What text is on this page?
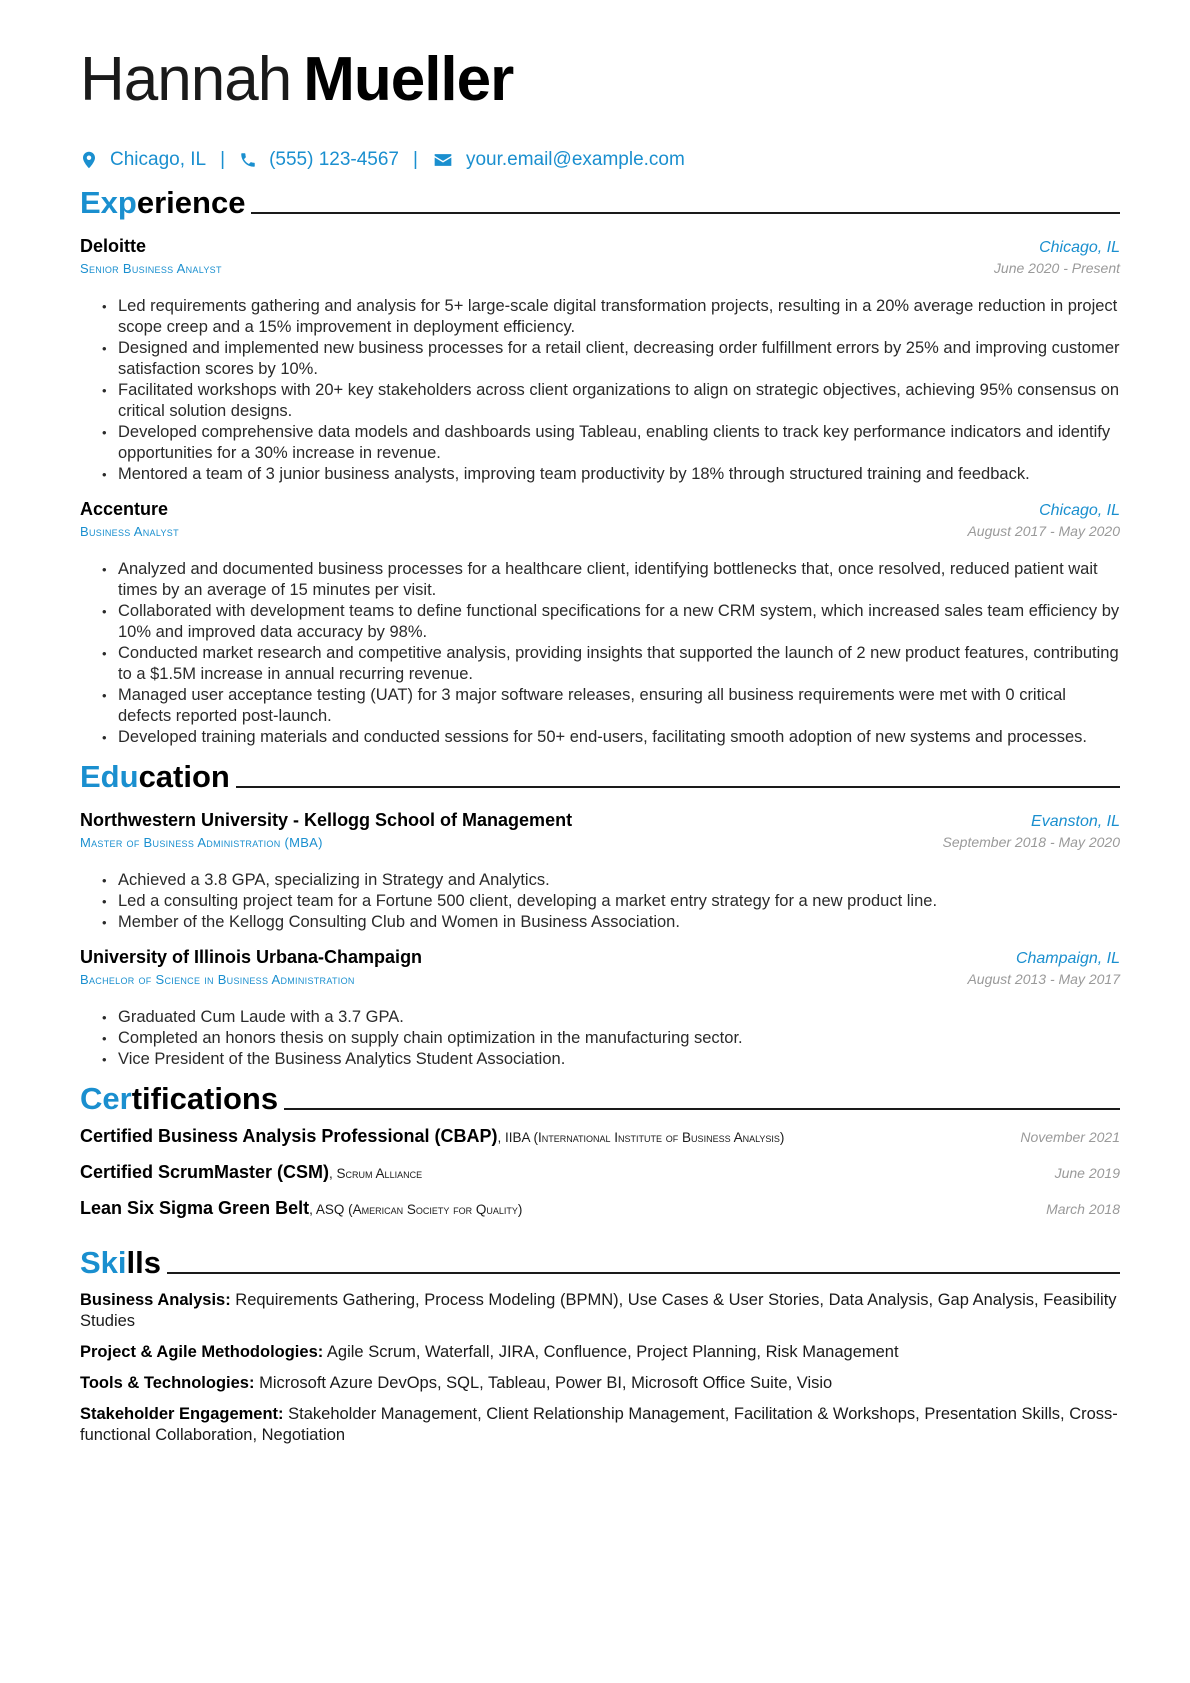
Hannah Mueller
Chicago, IL | (555) 123-4567 |	your.email@example.com
Experience
Deloitte	Chicago, IL
Senior Business Analyst	June 2020 - Present
• Led requirements gathering and analysis for 5+ large-scale digital transformation projects, resulting in a 20% average reduction in project scope creep and a 15% improvement in deployment efficiency.
• Designed and implemented new business processes for a retail client, decreasing order fulfillment errors by 25% and improving customer satisfaction scores by 10%.
• Facilitated workshops with 20+ key stakeholders across client organizations to align on strategic objectives, achieving 95% consensus on critical solution designs.
• Developed comprehensive data models and dashboards using Tableau, enabling clients to track key performance indicators and identify opportunities for a 30% increase in revenue.
• Mentored a team of 3 junior business analysts, improving team productivity by 18% through structured training and feedback.
Accenture	Chicago, IL
Business Analyst	August 2017 - May 2020
• Analyzed and documented business processes for a healthcare client, identifying bottlenecks that, once resolved, reduced patient wait times by an average of 15 minutes per visit.
• Collaborated with development teams to define functional specifications for a new CRM system, which increased sales team efficiency by 10% and improved data accuracy by 98%.
• Conducted market research and competitive analysis, providing insights that supported the launch of 2 new product features, contributing to a $1.5M increase in annual recurring revenue.
• Managed user acceptance testing (UAT) for 3 major software releases, ensuring all business requirements were met with 0 critical defects reported post-launch.
• Developed training materials and conducted sessions for 50+ end-users, facilitating smooth adoption of new systems and processes.
Education
Northwestern University - Kellogg School of Management	Evanston, IL
Master of Business Administration (MBA)	September 2018 - May 2020
• Achieved a 3.8 GPA, specializing in Strategy and Analytics.
• Led a consulting project team for a Fortune 500 client, developing a market entry strategy for a new product line.
• Member of the Kellogg Consulting Club and Women in Business Association.
University of Illinois Urbana-Champaign	Champaign, IL
Bachelor of Science in Business Administration	August 2013 - May 2017
• Graduated Cum Laude with a 3.7 GPA.
• Completed an honors thesis on supply chain optimization in the manufacturing sector.
• Vice President of the Business Analytics Student Association.
Certifications
Certified Business Analysis Professional (CBAP), IIBA (International Institute of Business Analysis)	November 2021
Certified ScrumMaster (CSM), Scrum Alliance	June 2019
Lean Six Sigma Green Belt, ASQ (American Society for Quality)	March 2018
Skills
Business Analysis: Requirements Gathering, Process Modeling (BPMN), Use Cases & User Stories, Data Analysis, Gap Analysis, Feasibility Studies
Project & Agile Methodologies: Agile Scrum, Waterfall, JIRA, Confluence, Project Planning, Risk Management
Tools & Technologies: Microsoft Azure DevOps, SQL, Tableau, Power BI, Microsoft Office Suite, Visio
Stakeholder Engagement: Stakeholder Management, Client Relationship Management, Facilitation & Workshops, Presentation Skills, Cross-functional Collaboration, Negotiation
